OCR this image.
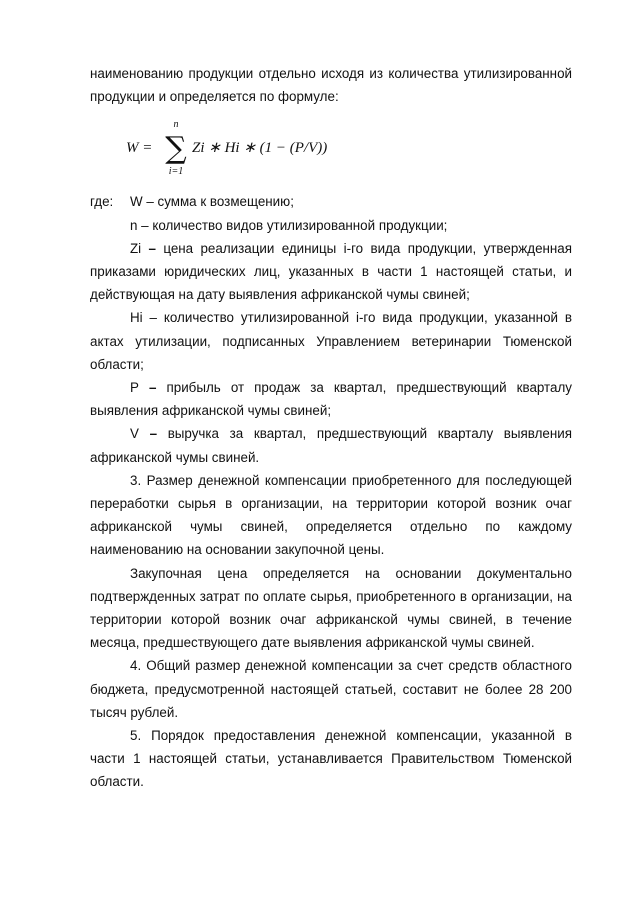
наименованию продукции отдельно исходя из количества утилизированной продукции и определяется по формуле:

W =
n
∑
i=1
Zi ∗ Hi ∗ (1 − (P/V))
где:	W – сумма к возмещению;

n – количество видов утилизированной продукции;

Zi – цена реализации единицы i-го вида продукции, утвержденная приказами юридических лиц, указанных в части 1 настоящей статьи, и действующая на дату выявления африканской чумы свиней;

Hi – количество утилизированной i-го вида продукции, указанной в актах утилизации, подписанных Управлением ветеринарии Тюменской области;

P – прибыль от продаж за квартал, предшествующий кварталу выявления африканской чумы свиней;

V – выручка за квартал, предшествующий кварталу выявления африканской чумы свиней.

3. Размер денежной компенсации приобретенного для последующей переработки сырья в организации, на территории которой возник очаг африканской чумы свиней, определяется отдельно по каждому наименованию на основании закупочной цены.

Закупочная цена определяется на основании документально подтвержденных затрат по оплате сырья, приобретенного в организации, на территории которой возник очаг африканской чумы свиней, в течение месяца, предшествующего дате выявления африканской чумы свиней.

4. Общий размер денежной компенсации за счет средств областного бюджета, предусмотренной настоящей статьей, составит не более 28 200 тысяч рублей.

5. Порядок предоставления денежной компенсации, указанной в части 1 настоящей статьи, устанавливается Правительством Тюменской области.
